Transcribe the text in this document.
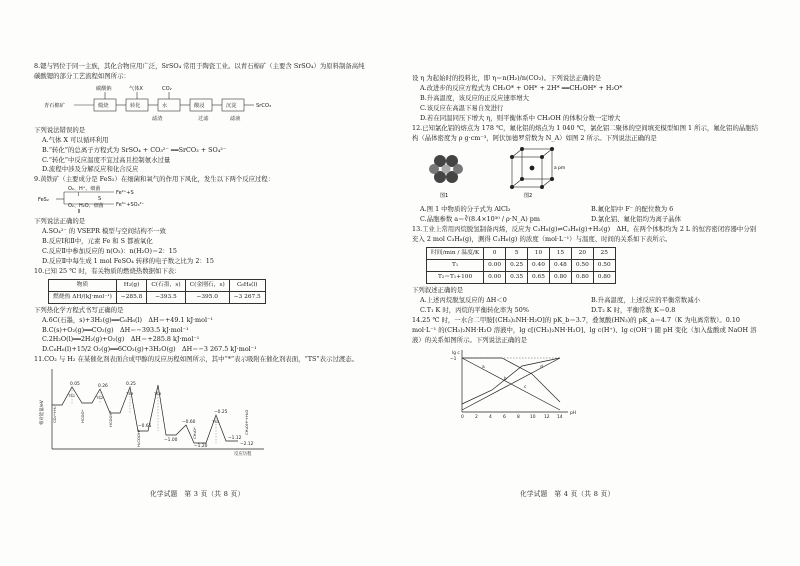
8.锶与钙位于同一主族，其化合物应用广泛，SrSO₄ 常用于陶瓷工业。以青石棉矿（主要含 SrSO₄）为原料制备高纯碳酸锶的部分工艺流程如图所示：

青石棉矿
碳酸钠
煅烧
气体X
转化
滤渣
CO₂
水	酸浸	沉淀	SrCO₃
过滤	滤液

下列说法错误的是

A.气体 X 可以循环利用

B.“转化”的总离子方程式为 SrSO₄ + CO₃²⁻ ══SrCO₃ + SO₄²⁻

C.“转化”中反应温度不宜过高且控制氨水过量

D.流程中涉及分解反应和化合反应

9.黄铁矿（主要成分是 FeS₂）在细菌和氧气的作用下风化，发生以下两个反应过程：

FeS₂
O₂、H⁺、细菌
Ⅰ	Fe²⁺+S
O₂、H₂O、细菌
Ⅱ
Fe³⁺+SO₄²⁻
S

下列说法正确的是

A.SO₄²⁻ 的 VSEPR 模型与空间结构不一致

B.反应Ⅰ和Ⅱ中，元素 Fe 和 S 都被氧化

C.反应Ⅱ中参加反应的 n(O₂)：n(H₂O)＝2：15

D.反应Ⅱ中每生成 1 mol FeSO₄ 转移的电子数之比为 2：15

10.已知 25 ℃ 时，有关物质的燃烧热数据如下表：

物质	H₂(g)	C(石墨，s)	C(金刚石，s)	C₆H₆(l)
燃烧热 ΔH/(kJ·mol⁻¹)	−285.8	−393.5	−395.0	−3 267.5

下列热化学方程式书写正确的是

A.6C(石墨，s)+3H₂(g)══C₆H₆(l)　ΔH＝+49.1 kJ·mol⁻¹

B.C(s)+O₂(g)══CO₂(g)　ΔH＝−393.5 kJ·mol⁻¹

C.2H₂O(l)══2H₂(g)+O₂(g)　ΔH＝+285.8 kJ·mol⁻¹

D.C₆H₆(l)+15/2 O₂(g)══6CO₂(g)+3H₂O(g)　ΔH＝−3 267.5 kJ·mol⁻¹

11.CO₂ 与 H₂ 在某催化剂表面合成甲醇的反应历程如图所示，其中“*”表示吸附在催化剂表面，“TS”表示过渡态。

相对能量/eV
反应历程
0.05	0.25
0.26
−0.65
−1.00
−1.20
−0.25
−0.60
−1.12
−2.12
CO₂*+H₂	HCOO*	HCOOH*
H₂COOH*	CH₃O*	CH₃OH*+H₂O
TS1	TS2
TS3	TS4
TS5
化学试题　第 3 页（共 8 页）

设 η 为起始时的投料比，即 η＝n(H₂)/n(CO₂)。下列说法正确的是

A.改进步的反应方程式为 CH₃O* + OH* + 2H* ══CH₃OH* + H₂O*

B.升高温度，该反应的正反应速率增大

C.该反应在高温下易自发进行

D.若在同温同压下增大 η，则平衡体系中 CH₃OH 的体积分数一定增大

12.已知氯化铝的熔点为 178 ℃，氟化铝的熔点为 1 040 ℃，氯化铝二聚体的空间填充模型如图 1 所示，氟化铝的晶胞结构（晶体密度为 ρ g·cm⁻³，阿伏加德罗常数为 N_A）如图 2 所示。下列说法正确的是

图1
a pm
图2
A.图 1 中物质的分子式为 AlCl₃	B.氟化铝中 F⁻ 的配位数为 6
C.晶胞参数 a＝∛(8.4×10³⁰ / ρ·N_A) pm	D.氯化铝、氟化铝均为离子晶体

13.工业上常用丙烷脱氢制备丙烯，反应为 C₃H₈(g)⇌C₃H₆(g)+H₂(g)　ΔH。在两个体积均为 2 L 的恒容密闭容器中分别充入 2 mol C₃H₈(g)，测得 C₃H₆(g) 的浓度（mol·L⁻¹）与温度、时间的关系如下表所示。

时间/min / 温度/K	0	5	10	15	20	25
T₁	0.00	0.25	0.40	0.48	0.50	0.50
T₂＝T₁+100	0.00	0.35	0.65	0.80	0.80	0.80

下列叙述正确的是

A.上述丙烷脱氢反应的 ΔH＜0	B.升高温度，上述反应的平衡常数减小
C.T₁ K 时，丙烷的平衡转化率为 50%	D.T₂ K 时，平衡常数 K＝0.8

14.25 ℃ 时，一水合二甲胺[(CH₃)₂NH·H₂O]的 pK_b＝3.7，叠氮酸(HN₃)的 pK_a＝4.7（K 为电离常数）。0.10 mol·L⁻¹ 的(CH₃)₂NH·H₂O 溶液中，lg c[(CH₃)₂NH·H₂O]、lg c(H⁺)、lg c(OH⁻) 随 pH 变化（加入盐酸或 NaOH 溶液）的关系如图所示。下列说法正确的是

lg c
pH
−1
0	2	4	6	8 10 12 14
a
b
c
d
化学试题　第 4 页（共 8 页）
